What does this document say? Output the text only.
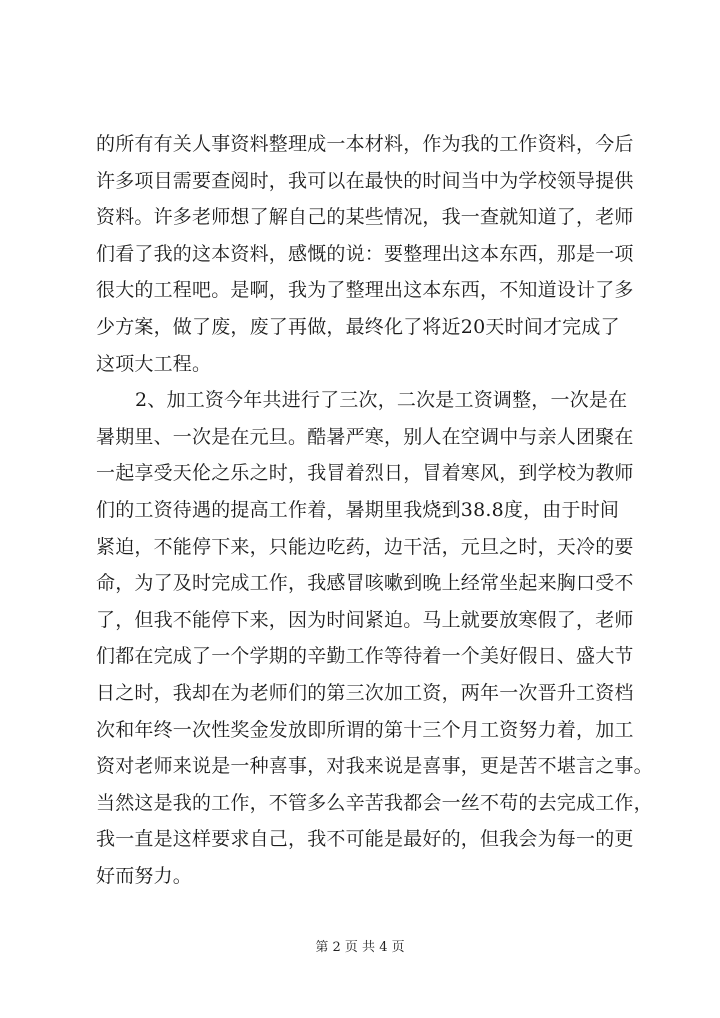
的所有有关人事资料整理成一本材料，作为我的工作资料，今后
许多项目需要查阅时，我可以在最快的时间当中为学校领导提供
资料。许多老师想了解自己的某些情况，我一查就知道了，老师
们看了我的这本资料，感慨的说：要整理出这本东西，那是一项
很大的工程吧。是啊，我为了整理出这本东西，不知道设计了多
少方案，做了废，废了再做，最终化了将近20天时间才完成了
这项大工程。
2、加工资今年共进行了三次，二次是工资调整，一次是在
暑期里、一次是在元旦。酷暑严寒，别人在空调中与亲人团聚在
一起享受天伦之乐之时，我冒着烈日，冒着寒风，到学校为教师
们的工资待遇的提高工作着，暑期里我烧到38.8度，由于时间
紧迫，不能停下来，只能边吃药，边干活，元旦之时，天冷的要
命，为了及时完成工作，我感冒咳嗽到晚上经常坐起来胸口受不
了，但我不能停下来，因为时间紧迫。马上就要放寒假了，老师
们都在完成了一个学期的辛勤工作等待着一个美好假日、盛大节
日之时，我却在为老师们的第三次加工资，两年一次晋升工资档
次和年终一次性奖金发放即所谓的第十三个月工资努力着，加工
资对老师来说是一种喜事，对我来说是喜事，更是苦不堪言之事。
当然这是我的工作，不管多么辛苦我都会一丝不苟的去完成工作，
我一直是这样要求自己，我不可能是最好的，但我会为每一的更
好而努力。
第 2 页 共 4 页
